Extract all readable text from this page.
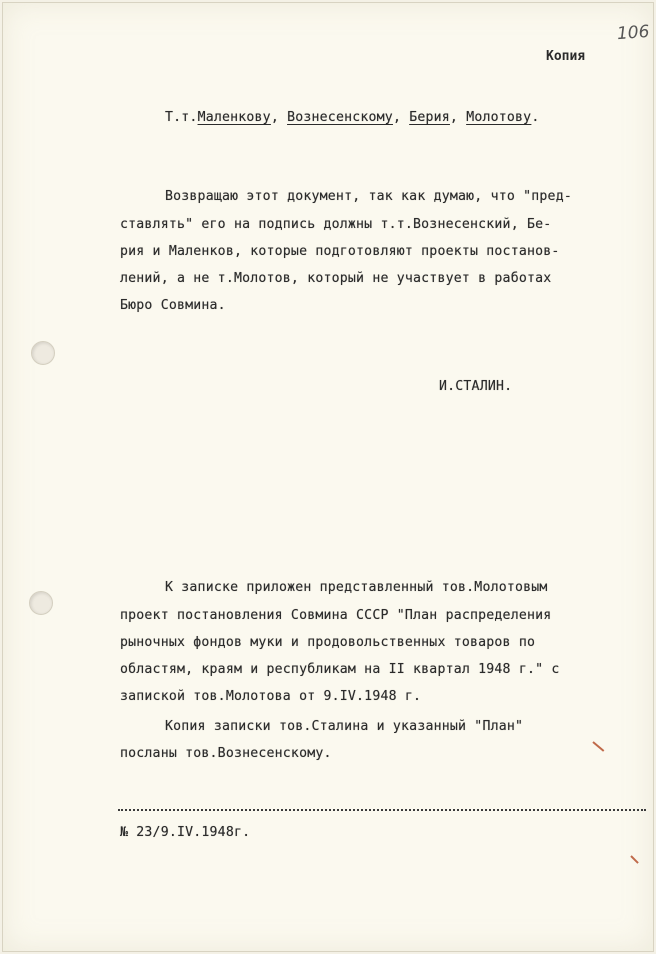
106
Копия
Т.т.Маленкову, Вознесенскому, Берия, Молотову.
Возвращаю этот документ, так как думаю, что "пред-
ставлять" его на подпись должны т.т.Вознесенский, Бе-
рия и Маленков, которые подготовляют проекты постанов-
лений, а не т.Молотов, который не участвует в работах
Бюро Совмина.
И.СТАЛИН.
К записке приложен представленный тов.Молотовым
проект постановления Совмина СССР "План распределения
рыночных фондов муки и продовольственных товаров по
областям, краям и республикам на II квартал 1948 г." с
запиской тов.Молотова от 9.IV.1948 г.
Копия записки тов.Сталина и указанный "План"
посланы тов.Вознесенскому.
№ 23/9.IV.1948г.
